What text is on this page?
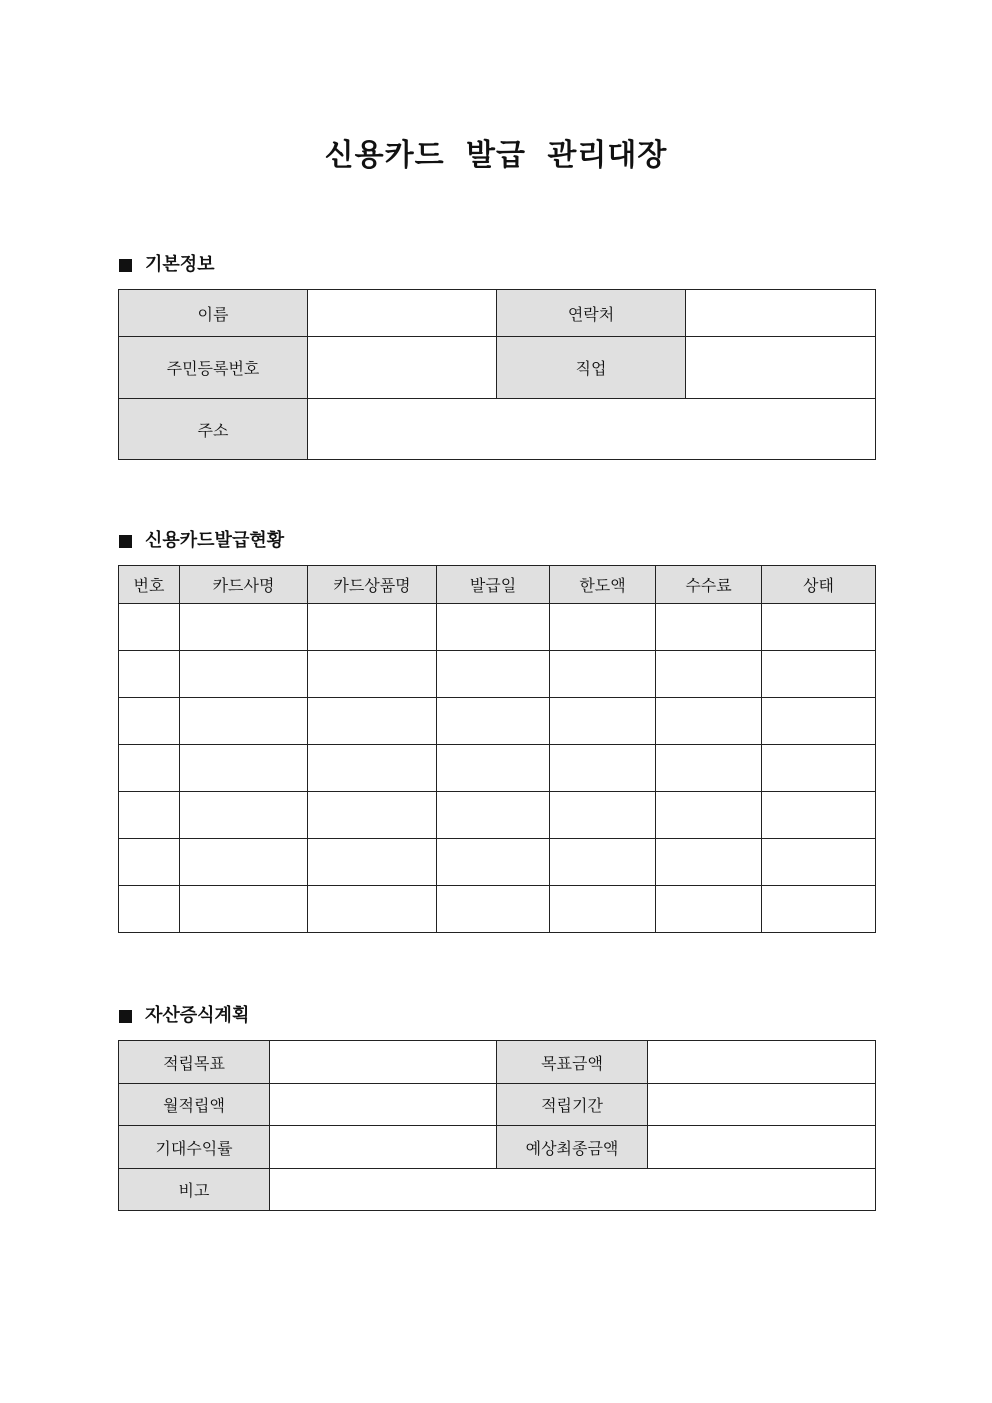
신용카드 발급 관리대장
기본정보
이름		연락처	
주민등록번호		직업	
주소			
신용카드발급현황
번호	카드사명	카드상품명	발급일	한도액	수수료	상태

자산증식계획
적립목표		목표금액	
월적립액		적립기간	
기대수익률		예상최종금액	
비고			
